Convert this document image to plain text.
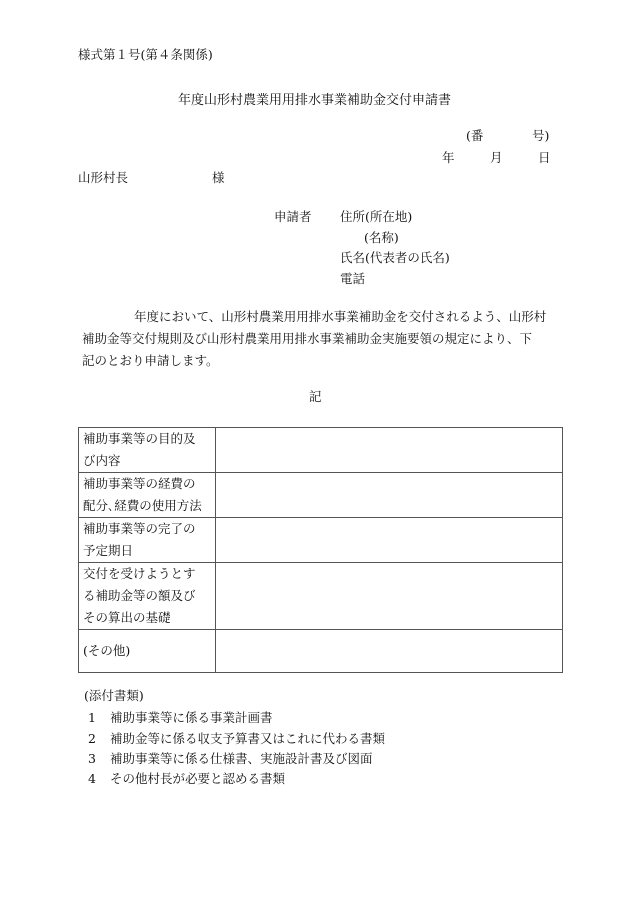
様式第１号(第４条関係)
年度山形村農業用用排水事業補助金交付申請書
(番	号)
年	月	日
山形村長	様
申請者 住所(所在地)
(名称)
氏名(代表者の氏名)
電話
年度において、山形村農業用用排水事業補助金を交付されるよう、山形村
補助金等交付規則及び山形村農業用用排水事業補助金実施要領の規定により、下
記のとおり申請します。
記
補助事業等の目的及
び内容	

補助事業等の経費の
配分､経費の使用方法	

補助事業等の完了の
予定期日	

交付を受けようとす
る補助金等の額及び
その算出の基礎	

(その他)	

(添付書類)
1 補助事業等に係る事業計画書
2 補助金等に係る収支予算書又はこれに代わる書類
3 補助事業等に係る仕様書、実施設計書及び図面
4 その他村長が必要と認める書類
